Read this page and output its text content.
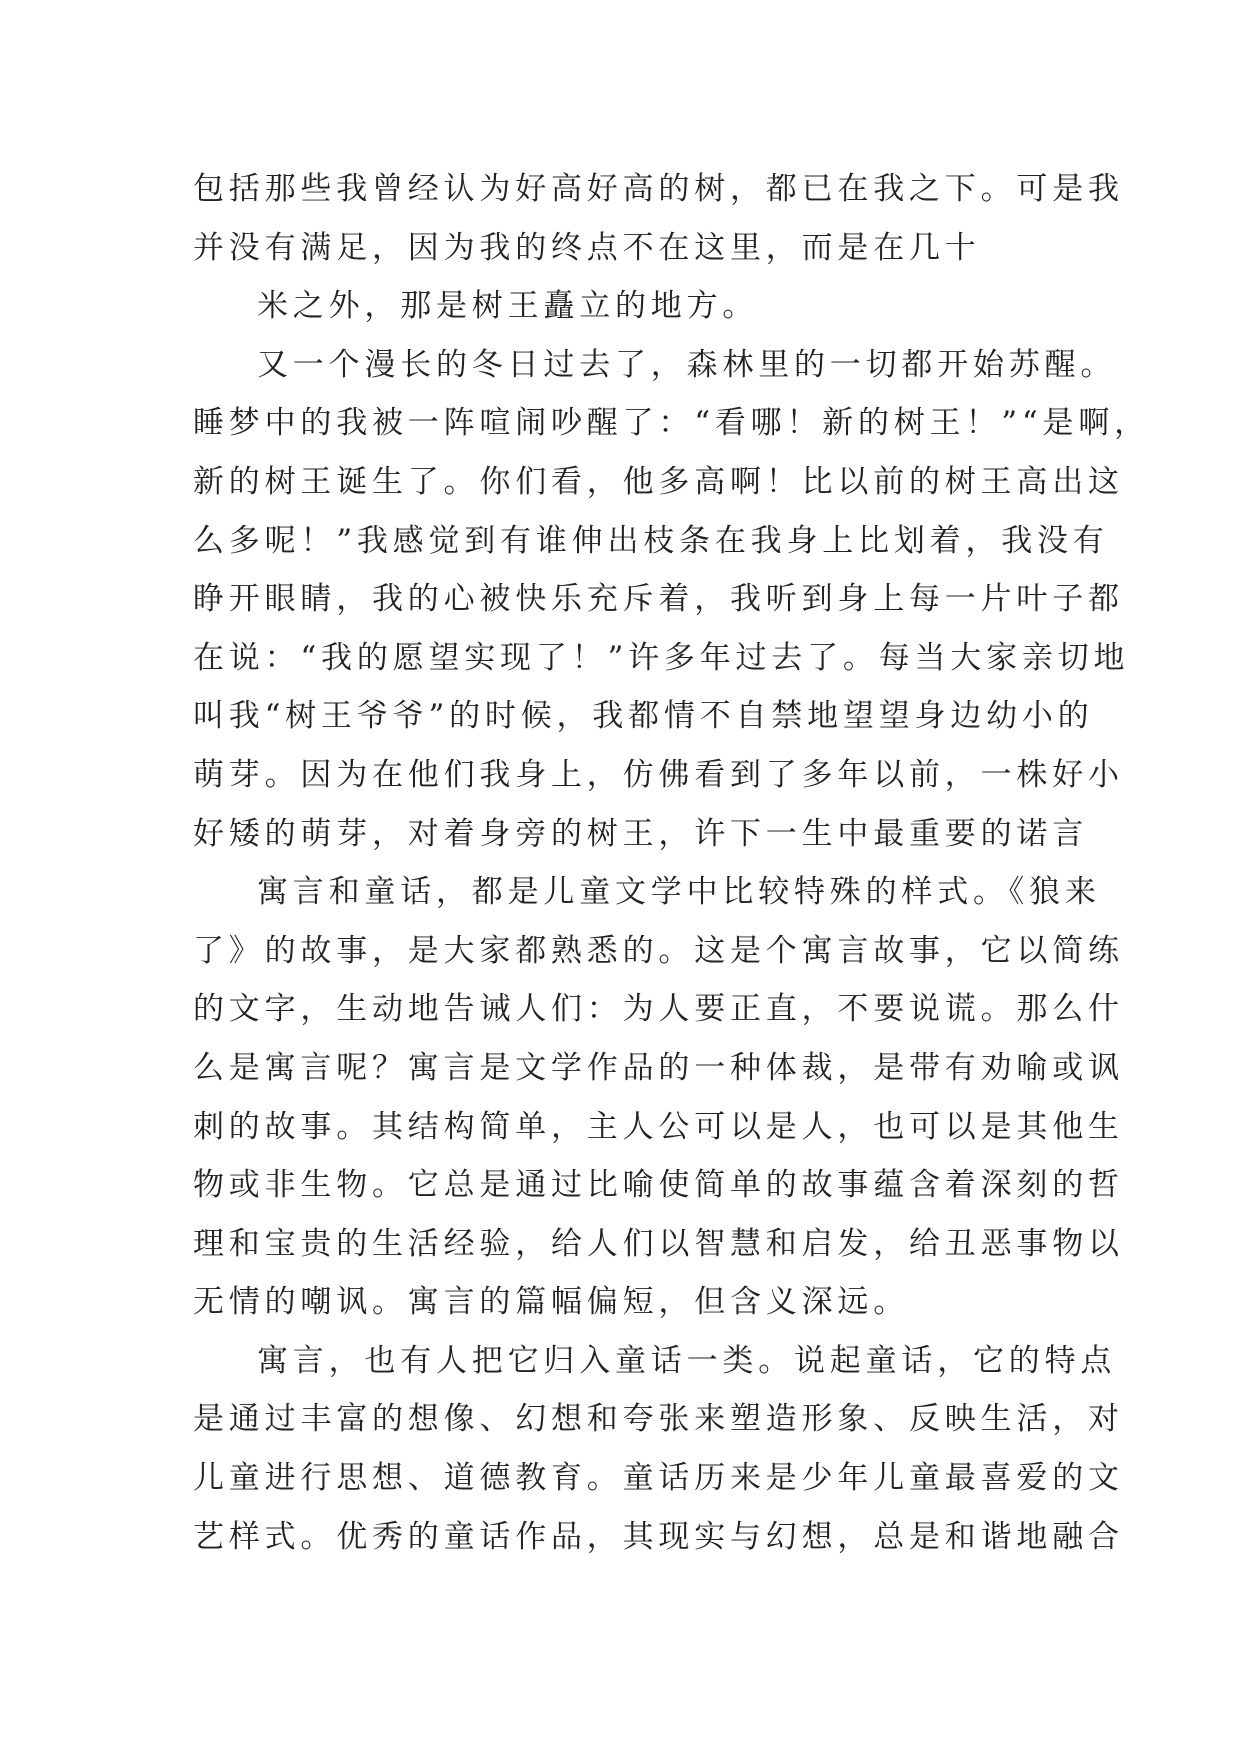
包括那些我曾经认为好高好高的树，都已在我之下。可是我
并没有满足，因为我的终点不在这里，而是在几十
米之外，那是树王矗立的地方。
又一个漫长的冬日过去了，森林里的一切都开始苏醒。
睡梦中的我被一阵喧闹吵醒了：“看哪！新的树王！”“是啊，
新的树王诞生了。你们看，他多高啊！比以前的树王高出这
么多呢！”我感觉到有谁伸出枝条在我身上比划着，我没有
睁开眼睛，我的心被快乐充斥着，我听到身上每一片叶子都
在说：“我的愿望实现了！”许多年过去了。每当大家亲切地
叫我“树王爷爷”的时候，我都情不自禁地望望身边幼小的
萌芽。因为在他们我身上，仿佛看到了多年以前，一株好小
好矮的萌芽，对着身旁的树王，许下一生中最重要的诺言
寓言和童话，都是儿童文学中比较特殊的样式。《狼来
了》的故事，是大家都熟悉的。这是个寓言故事，它以简练
的文字，生动地告诫人们：为人要正直，不要说谎。那么什
么是寓言呢？寓言是文学作品的一种体裁，是带有劝喻或讽
刺的故事。其结构简单，主人公可以是人，也可以是其他生
物或非生物。它总是通过比喻使简单的故事蕴含着深刻的哲
理和宝贵的生活经验，给人们以智慧和启发，给丑恶事物以
无情的嘲讽。寓言的篇幅偏短，但含义深远。
寓言，也有人把它归入童话一类。说起童话，它的特点
是通过丰富的想像、幻想和夸张来塑造形象、反映生活，对
儿童进行思想、道德教育。童话历来是少年儿童最喜爱的文
艺样式。优秀的童话作品，其现实与幻想，总是和谐地融合
